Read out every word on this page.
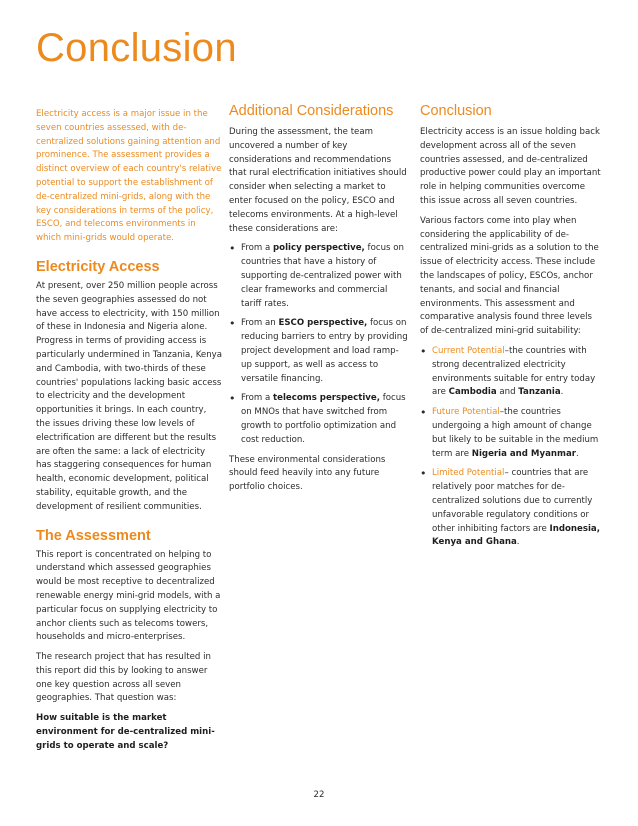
Conclusion

Electricity access is a major issue in the seven countries assessed, with de-centralized solutions gaining attention and prominence. The assessment provides a distinct overview of each country's relative potential to support the establishment of de-centralized mini-grids, along with the key considerations in terms of the policy, ESCO, and telecoms environments in which mini-grids would operate.

Electricity Access

At present, over 250 million people across the seven geographies assessed do not have access to electricity, with 150 million of these in Indonesia and Nigeria alone. Progress in terms of providing access is particularly undermined in Tanzania, Kenya and Cambodia, with two-thirds of these countries' populations lacking basic access to electricity and the development opportunities it brings. In each country, the issues driving these low levels of electrification are different but the results are often the same: a lack of electricity has staggering consequences for human health, economic development, political stability, equitable growth, and the development of resilient communities.

The Assessment

This report is concentrated on helping to understand which assessed geographies would be most receptive to decentralized renewable energy mini-grid models, with a particular focus on supplying electricity to anchor clients such as telecoms towers, households and micro-enterprises.

The research project that has resulted in this report did this by looking to answer one key question across all seven geographies. That question was:

How suitable is the market environment for de-centralized mini-grids to operate and scale?

Additional Considerations

During the assessment, the team uncovered a number of key considerations and recommendations that rural electrification initiatives should consider when selecting a market to enter focused on the policy, ESCO and telecoms environments. At a high-level these considerations are:

• From a policy perspective, focus on countries that have a history of supporting de-centralized power with clear frameworks and commercial tariff rates.
• From an ESCO perspective, focus on reducing barriers to entry by providing project development and load ramp-up support, as well as access to versatile financing.
• From a telecoms perspective, focus on MNOs that have switched from growth to portfolio optimization and cost reduction.

These environmental considerations should feed heavily into any future portfolio choices.

Conclusion

Electricity access is an issue holding back development across all of the seven countries assessed, and de-centralized productive power could play an important role in helping communities overcome this issue across all seven countries.

Various factors come into play when considering the applicability of de-centralized mini-grids as a solution to the issue of electricity access. These include the landscapes of policy, ESCOs, anchor tenants, and social and financial environments. This assessment and comparative analysis found three levels of de-centralized mini-grid suitability:

• Current Potential–the countries with strong decentralized electricity environments suitable for entry today are Cambodia and Tanzania.
• Future Potential–the countries undergoing a high amount of change but likely to be suitable in the medium term are Nigeria and Myanmar.
• Limited Potential– countries that are relatively poor matches for de- centralized solutions due to currently unfavorable regulatory conditions or other inhibiting factors are Indonesia, Kenya and Ghana.
22
